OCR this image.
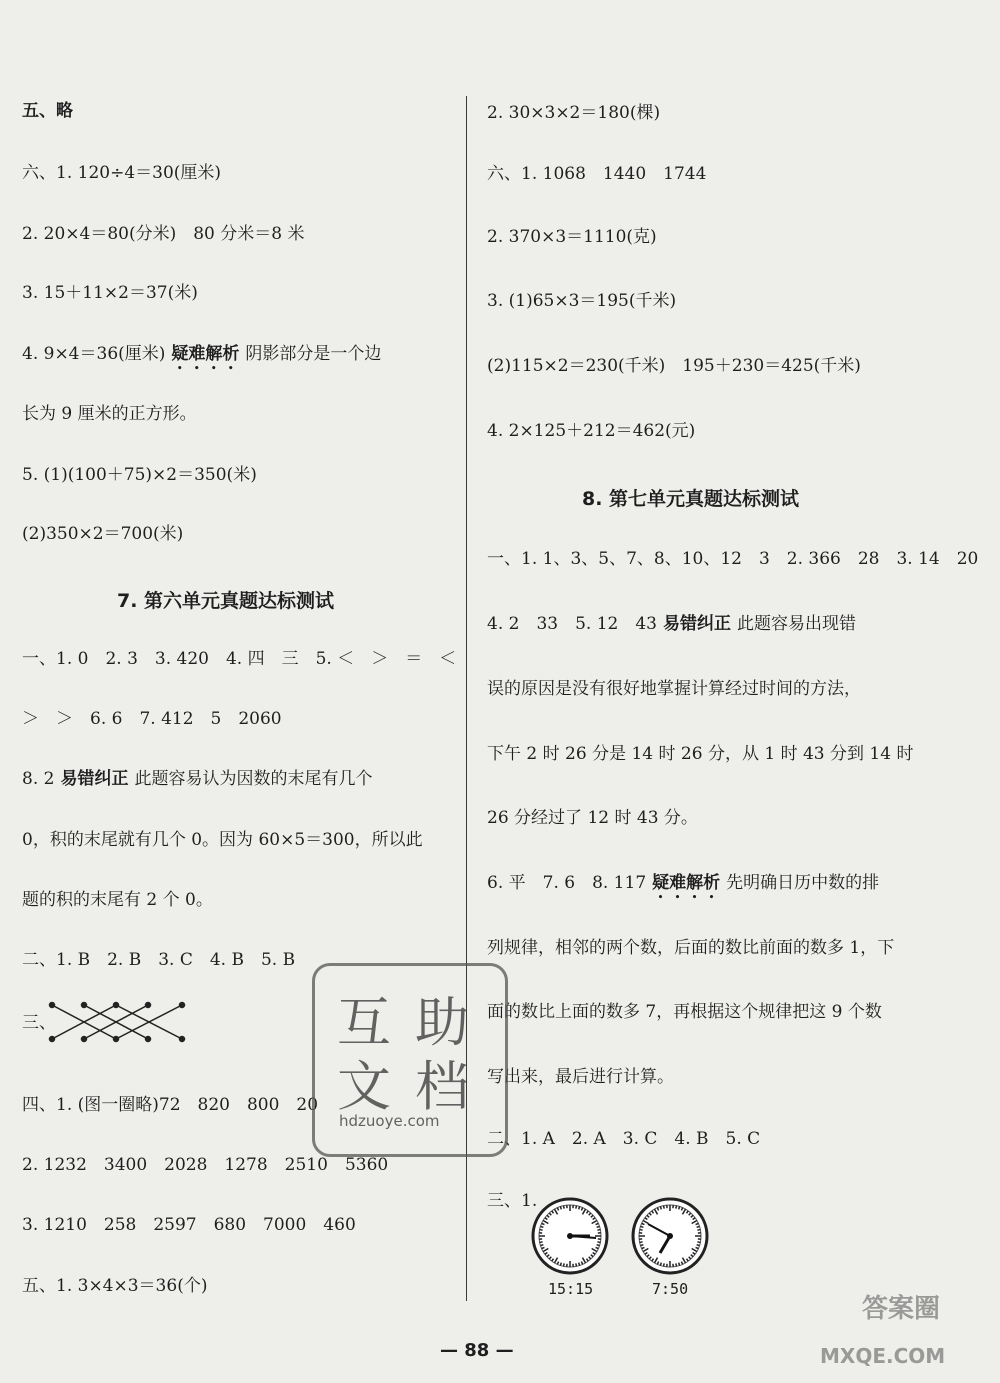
五、略
六、1. 120÷4＝30(厘米)
2. 20×4＝80(分米)　80 分米＝8 米
3. 15＋11×2＝37(米)
4. 9×4＝36(厘米) 疑难解析 阴影部分是一个边
长为 9 厘米的正方形。
5. (1)(100＋75)×2＝350(米)
(2)350×2＝700(米)
7. 第六单元真题达标测试
一、1. 0　2. 3　3. 420　4. 四　三　5. ＜　＞　＝　＜
＞　＞　6. 6　7. 412　5　2060
8. 2 易错纠正 此题容易认为因数的末尾有几个
0，积的末尾就有几个 0。因为 60×5＝300，所以此
题的积的末尾有 2 个 0。
二、1. B　2. B　3. C　4. B　5. B
三、
四、1. (图一圈略)72　820　800　20
2. 1232　3400　2028　1278　2510　5360
3. 1210　258　2597　680　7000　460
五、1. 3×4×3＝36(个)
2. 30×3×2＝180(棵)
六、1. 1068　1440　1744
2. 370×3＝1110(克)
3. (1)65×3＝195(千米)
(2)115×2＝230(千米)　195＋230＝425(千米)
4. 2×125＋212＝462(元)
8. 第七单元真题达标测试
一、1. 1、3、5、7、8、10、12　3　2. 366　28　3. 14　20
4. 2　33　5. 12　43 易错纠正 此题容易出现错
误的原因是没有很好地掌握计算经过时间的方法，
下午 2 时 26 分是 14 时 26 分，从 1 时 43 分到 14 时
26 分经过了 12 时 43 分。
6. 平　7. 6　8. 117 疑难解析 先明确日历中数的排
列规律，相邻的两个数，后面的数比前面的数多 1，下
面的数比上面的数多 7，再根据这个规律把这 9 个数
写出来，最后进行计算。
二、1. A　2. A　3. C　4. B　5. C
三、1.
15:15	7:50
互 助
文 档
hdzuoye.com
— 88 —
答案圈
MXQE.COM
